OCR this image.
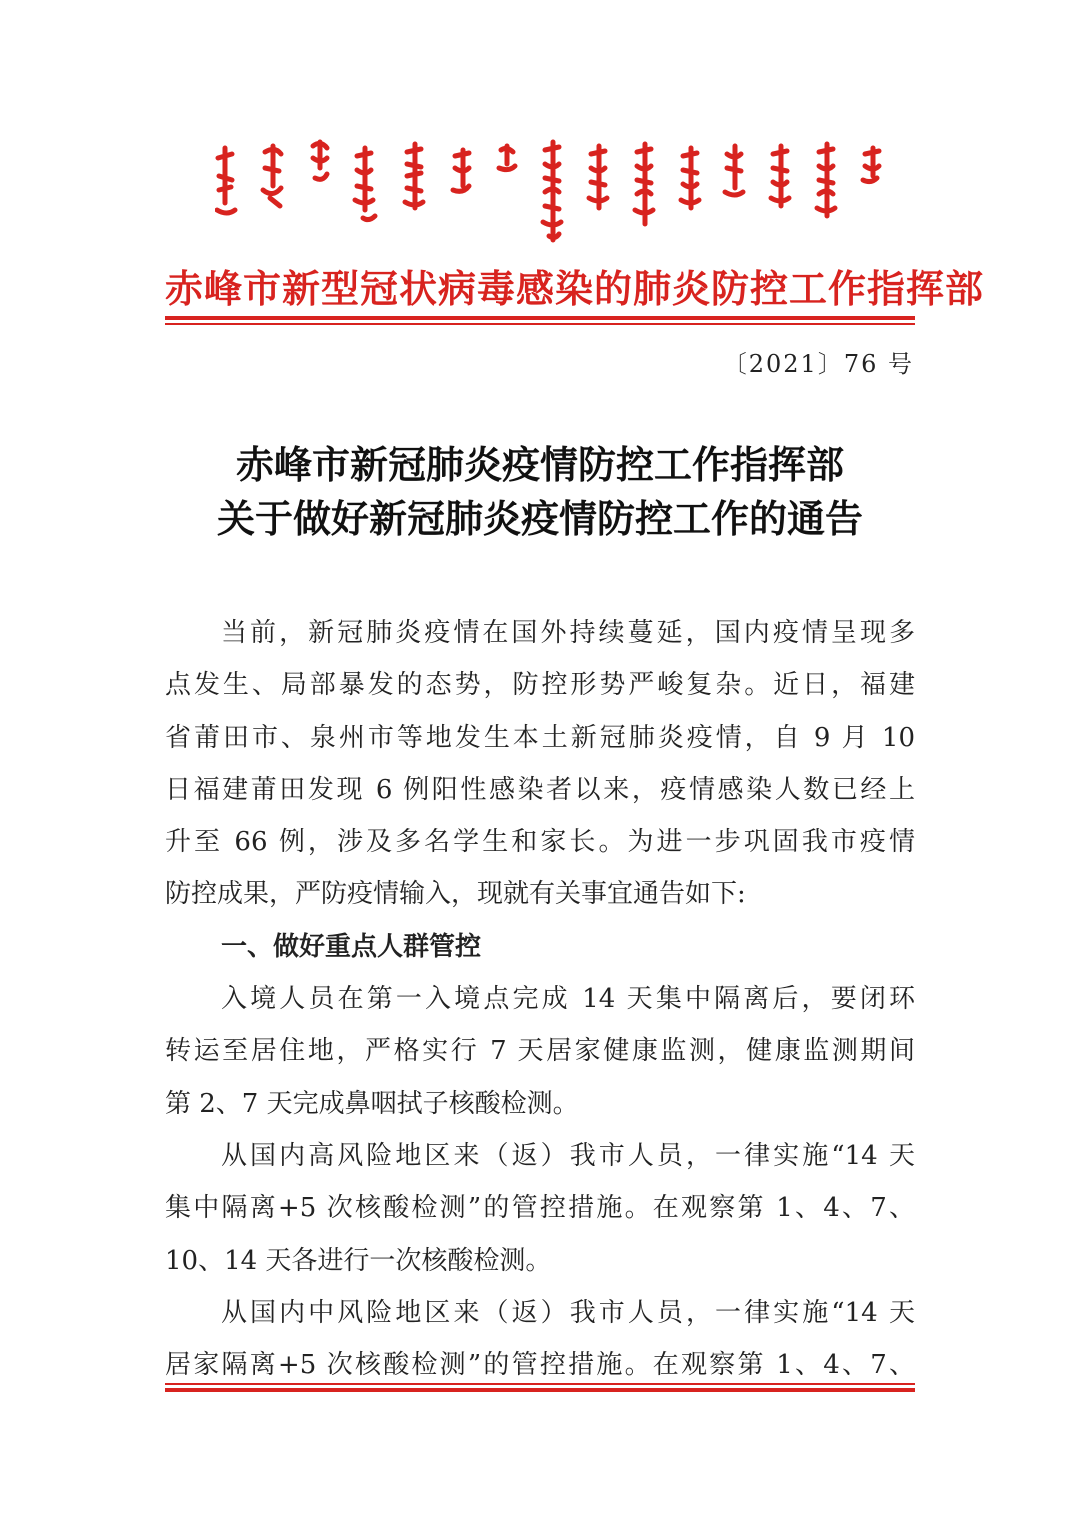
赤峰市新型冠状病毒感染的肺炎防控工作指挥部
〔2021〕76 号
赤峰市新冠肺炎疫情防控工作指挥部
关于做好新冠肺炎疫情防控工作的通告
当前，新冠肺炎疫情在国外持续蔓延，国内疫情呈现多
点发生、局部暴发的态势，防控形势严峻复杂。近日，福建
省莆田市、泉州市等地发生本土新冠肺炎疫情，自 9 月 10
日福建莆田发现 6 例阳性感染者以来，疫情感染人数已经上
升至 66 例，涉及多名学生和家长。为进一步巩固我市疫情
防控成果，严防疫情输入，现就有关事宜通告如下:
一、做好重点人群管控
入境人员在第一入境点完成 14 天集中隔离后，要闭环
转运至居住地，严格实行 7 天居家健康监测，健康监测期间
第 2、7 天完成鼻咽拭子核酸检测。
从国内高风险地区来（返）我市人员，一律实施“14 天
集中隔离+5 次核酸检测”的管控措施。在观察第 1、4、7、
10、14 天各进行一次核酸检测。
从国内中风险地区来（返）我市人员，一律实施“14 天
居家隔离+5 次核酸检测”的管控措施。在观察第 1、4、7、
